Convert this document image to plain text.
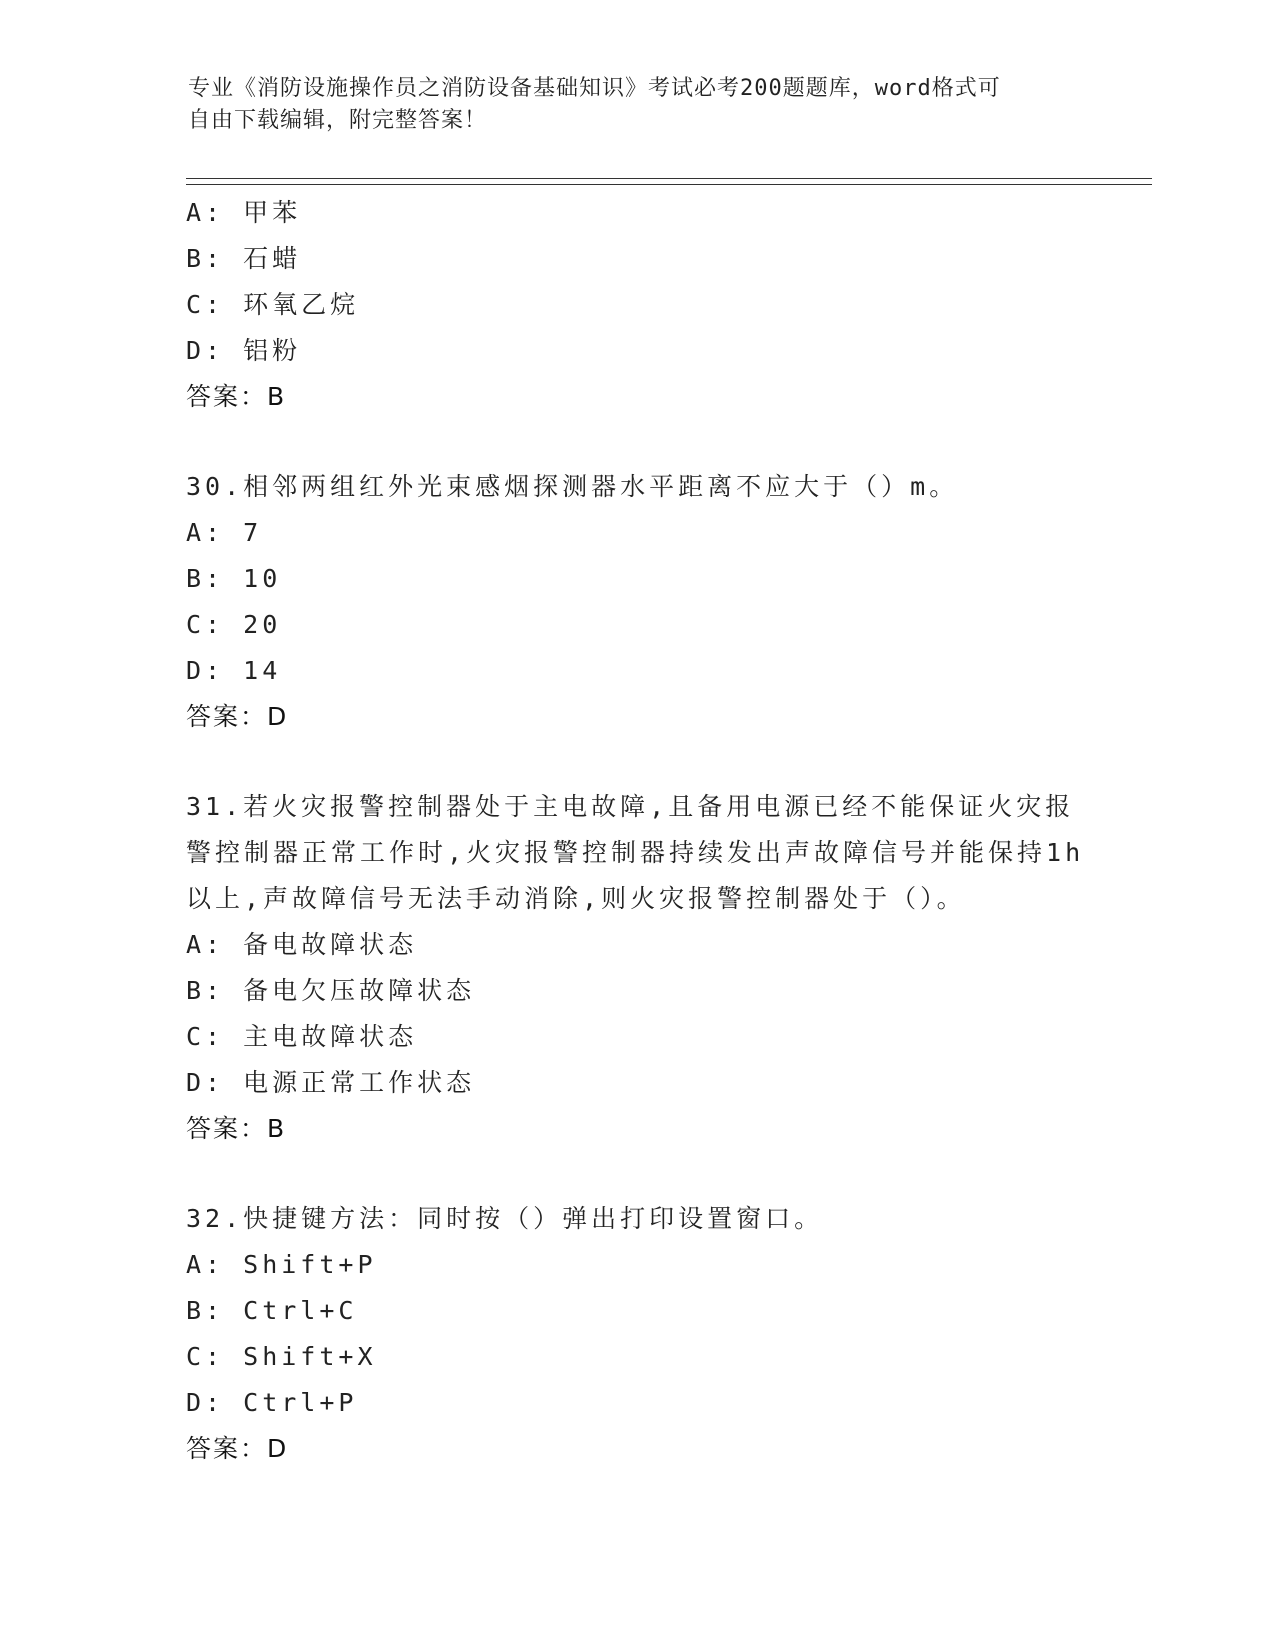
专业《消防设施操作员之消防设备基础知识》考试必考200题题库，word格式可
自由下载编辑，附完整答案！
A: 甲苯
B: 石蜡
C: 环氧乙烷
D: 铝粉
答案：B
30.相邻两组红外光束感烟探测器水平距离不应大于（）m。
A: 7
B: 10
C: 20
D: 14
答案：D
31.若火灾报警控制器处于主电故障,且备用电源已经不能保证火灾报
警控制器正常工作时,火灾报警控制器持续发出声故障信号并能保持1h
以上,声故障信号无法手动消除,则火灾报警控制器处于（）。
A: 备电故障状态
B: 备电欠压故障状态
C: 主电故障状态
D: 电源正常工作状态
答案：B
32.快捷键方法：同时按（）弹出打印设置窗口。
A: Shift+P
B: Ctrl+C
C: Shift+X
D: Ctrl+P
答案：D
